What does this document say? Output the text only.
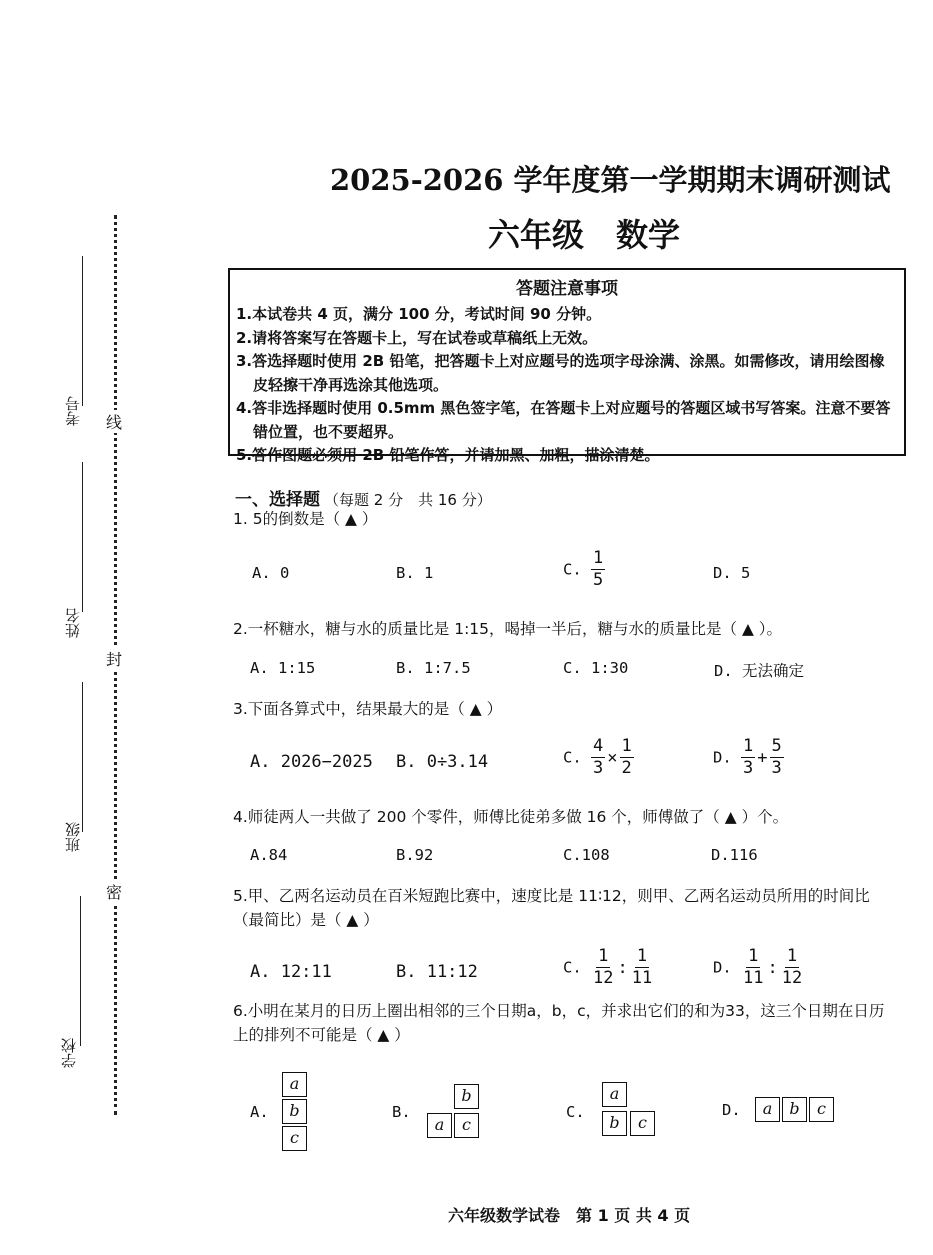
线
封
密
考号
姓名
班级
学校
2025-2026 学年度第一学期期末调研测试
六年级 数学
答题注意事项
1.本试卷共 4 页，满分 100 分，考试时间 90 分钟。
2.请将答案写在答题卡上，写在试卷或草稿纸上无效。
3.答选择题时使用 2B 铅笔，把答题卡上对应题号的选项字母涂满、涂黑。如需修改，请用绘图橡皮轻擦干净再选涂其他选项。
4.答非选择题时使用 0.5mm 黑色签字笔，在答题卡上对应题号的答题区域书写答案。注意不要答错位置，也不要超界。
5.答作图题必须用 2B 铅笔作答，并请加黑、加粗，描涂清楚。
一、选择题 （每题 2 分　共 16 分）
1. 5的倒数是（ ▲ ）
A. 0	B. 1	C. $\frac{1}{5}$	D. 5
2.一杯糖水，糖与水的质量比是 1:15，喝掉一半后，糖与水的质量比是（ ▲ ）。
A. 1:15	B. 1:7.5	C. 1:30	D. 无法确定
3.下面各算式中，结果最大的是（ ▲ ）
A. 2026−2025 B. 0÷3.14	C. $\frac{4}{3} \times \frac{1}{2}$	D. $\frac{1}{3} + \frac{5}{3}$
4.师徒两人一共做了 200 个零件，师傅比徒弟多做 16 个，师傅做了（ ▲ ）个。
A.84	B.92	C.108	D.116
5.甲、乙两名运动员在百米短跑比赛中，速度比是 11∶12，则甲、乙两名运动员所用的时间比（最简比）是（ ▲ ）
A. 12:11	B. 11:12	C. $\frac{1}{12}$ : $\frac{1}{11}$	D. $\frac{1}{11}$ : $\frac{1}{12}$
6.小明在某月的日历上圈出相邻的三个日期a，b，c，并求出它们的和为33，这三个日期在日历上的排列不可能是（ ▲ ）
A.
a
b
c
B.
b
a	c
C.
a
b	c
D.	a	b	c
六年级数学试卷　第 1 页 共 4 页
